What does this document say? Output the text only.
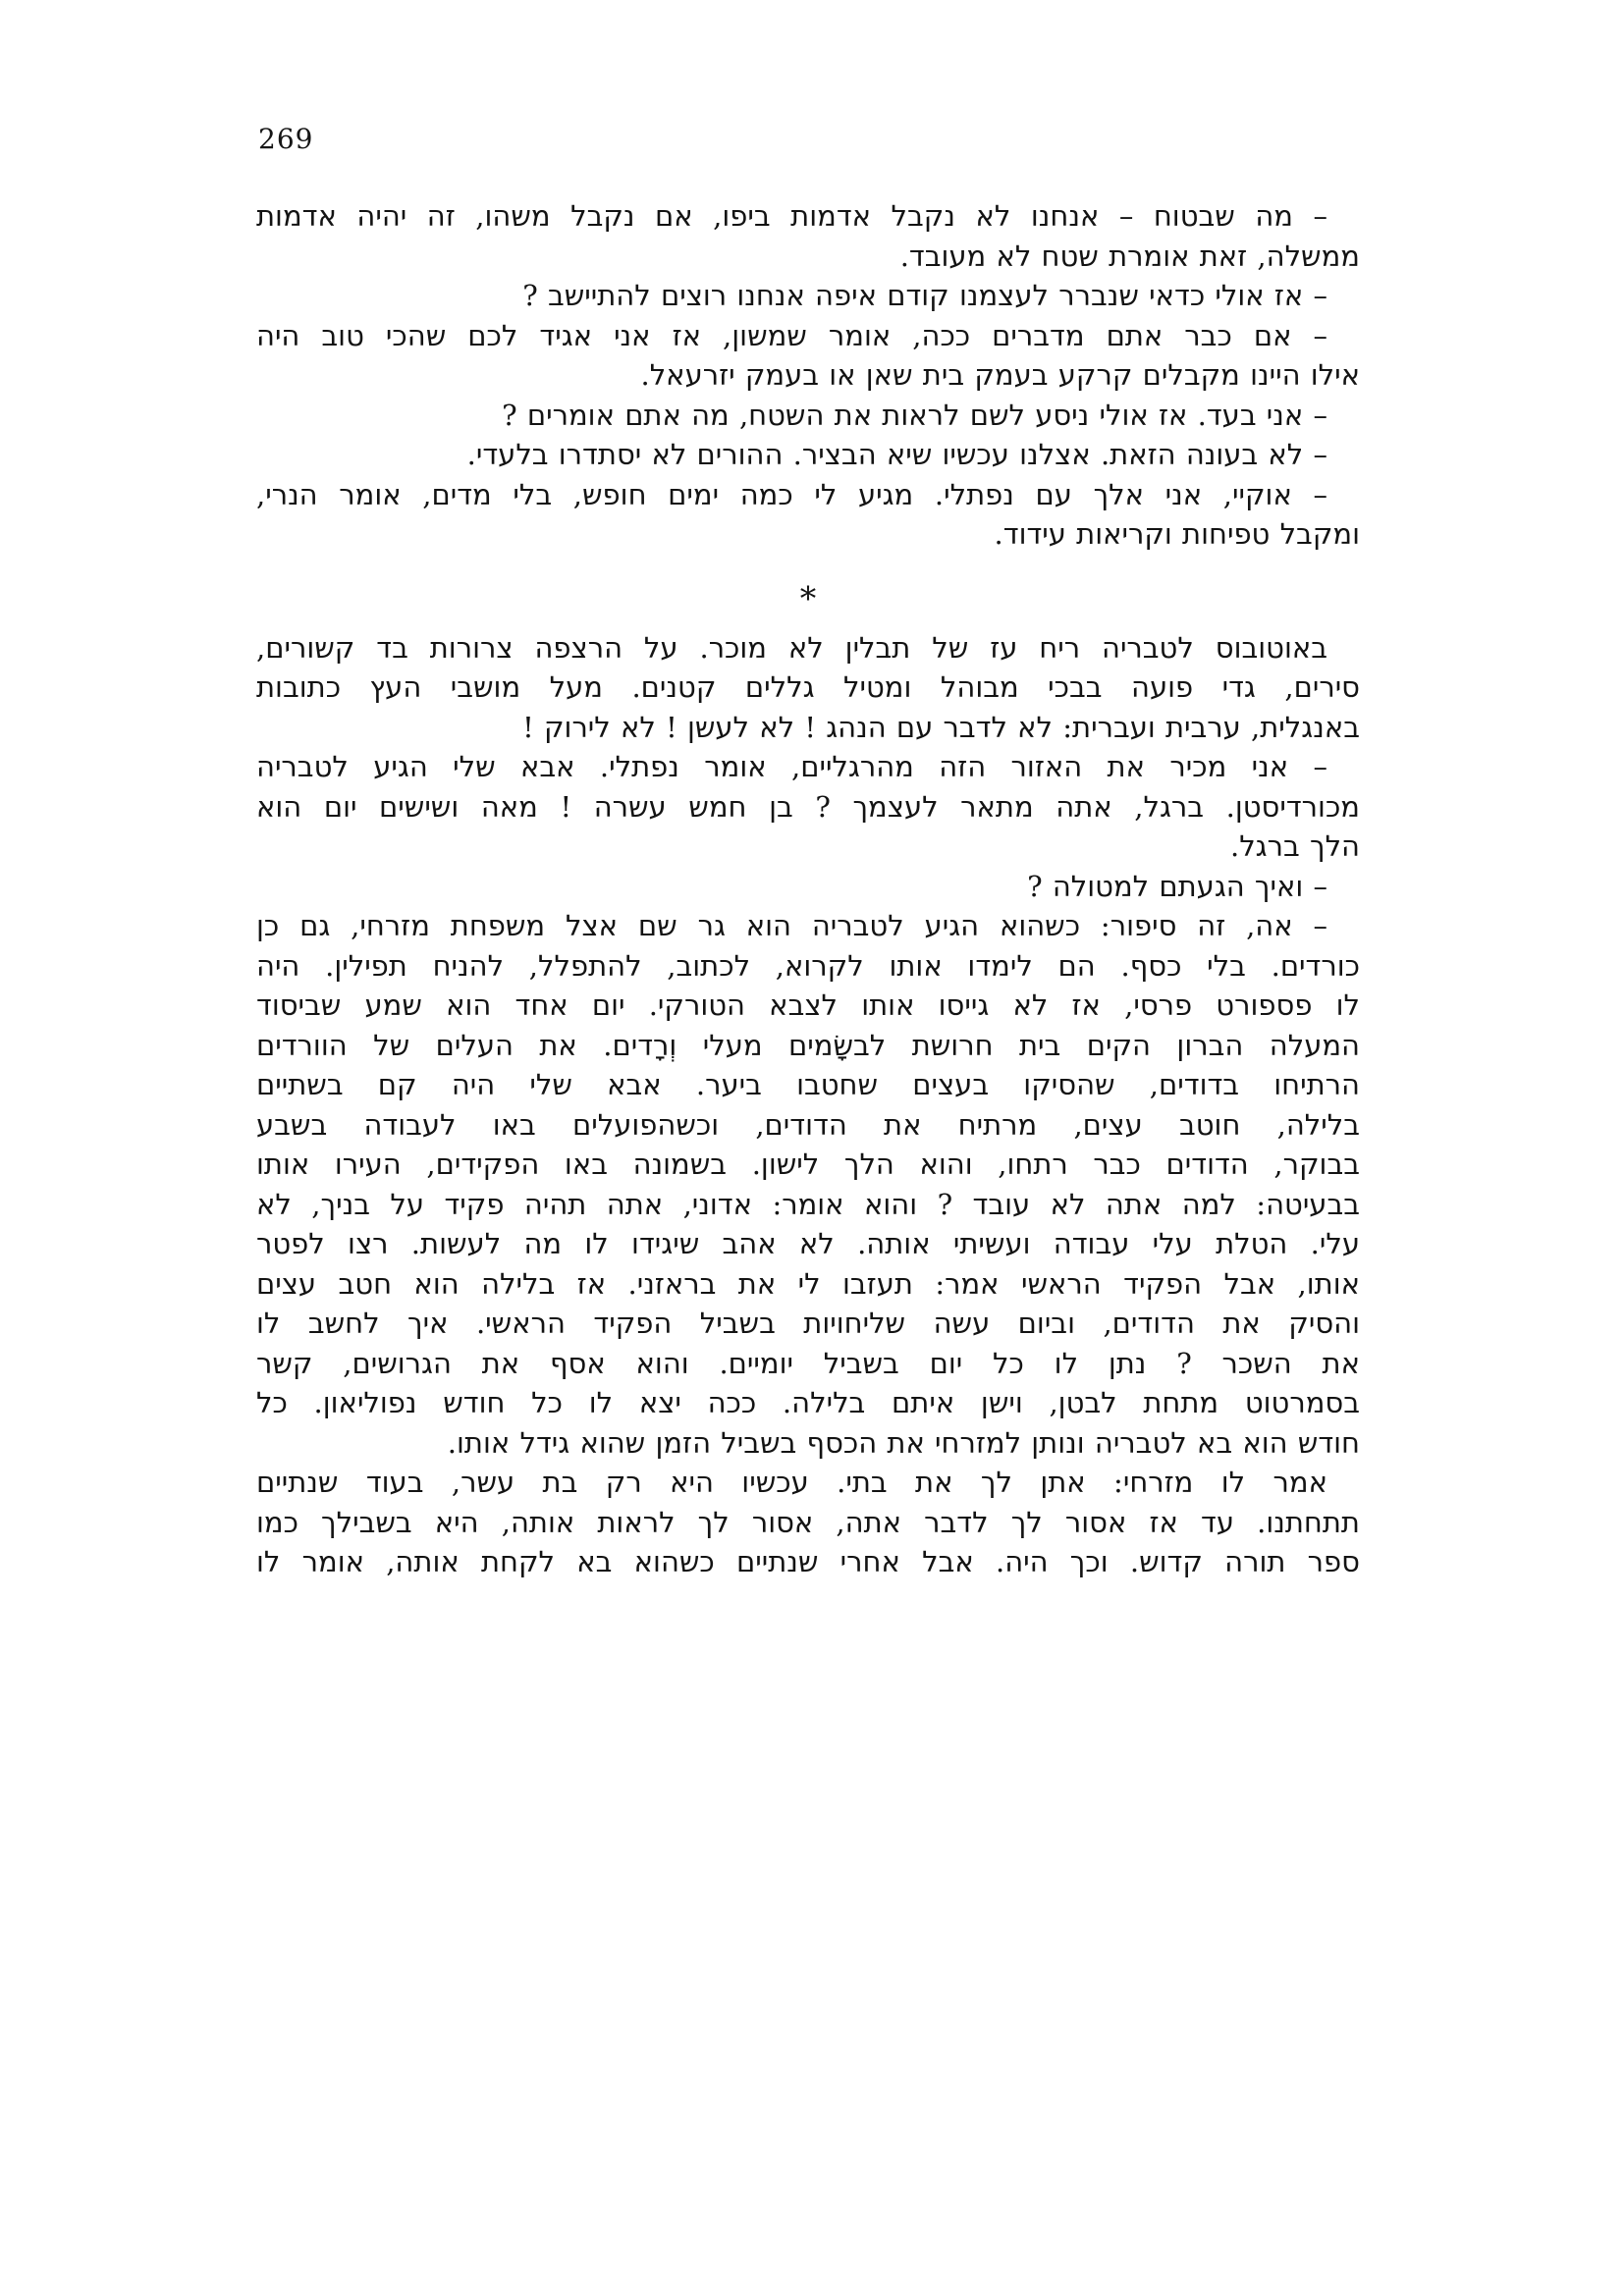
269
– מה שבטוח – אנחנו לא נקבל אדמות ביפו, אם נקבל משהו, זה יהיה אדמות
ממשלה, זאת אומרת שטח לא מעובד.
– אז אולי כדאי שנברר לעצמנו קודם איפה אנחנו רוצים להתיישב ?
– אם כבר אתם מדברים ככה, אומר שמשון, אז אני אגיד לכם שהכי טוב היה
אילו היינו מקבלים קרקע בעמק בית שאן או בעמק יזרעאל.
– אני בעד. אז אולי ניסע לשם לראות את השטח, מה אתם אומרים ?
– לא בעונה הזאת. אצלנו עכשיו שיא הבציר. ההורים לא יסתדרו בלעדי.
– אוקיי, אני אלך עם נפתלי. מגיע לי כמה ימים חופש, בלי מדים, אומר הנרי,
ומקבל טפיחות וקריאות עידוד.
*
באוטובוס לטבריה ריח עז של תבלין לא מוכר. על הרצפה צרורות בד קשורים,
סירים, גדי פועה בבכי מבוהל ומטיל גללים קטנים. מעל מושבי העץ כתובות
באנגלית, ערבית ועברית: לא לדבר עם הנהג ! לא לעשן ! לא לירוק !
– אני מכיר את האזור הזה מהרגליים, אומר נפתלי. אבא שלי הגיע לטבריה
מכורדיסטן. ברגל, אתה מתאר לעצמך ? בן חמש עשרה ! מאה ושישים יום הוא
הלך ברגל.
– ואיך הגעתם למטולה ?
– אה, זה סיפור: כשהוא הגיע לטבריה הוא גר שם אצל משפחת מזרחי, גם כן
כורדים. בלי כסף. הם לימדו אותו לקרוא, לכתוב, להתפלל, להניח תפילין. היה
לו פספורט פרסי, אז לא גייסו אותו לצבא הטורקי. יום אחד הוא שמע שביסוד
המעלה הברון הקים בית חרושת לבשָׂמים מעלי וְרָדים. את העלים של הוורדים
הרתיחו בדודים, שהסיקו בעצים שחטבו ביער. אבא שלי היה קם בשתיים
בלילה, חוטב עצים, מרתיח את הדודים, וכשהפועלים באו לעבודה בשבע
בבוקר, הדודים כבר רתחו, והוא הלך לישון. בשמונה באו הפקידים, העירו אותו
בבעיטה: למה אתה לא עובד ? והוא אומר: אדוני, אתה תהיה פקיד על בניך, לא
עלי. הטלת עלי עבודה ועשיתי אותה. לא אהב שיגידו לו מה לעשות. רצו לפטר
אותו, אבל הפקיד הראשי אמר: תעזבו לי את בראזני. אז בלילה הוא חטב עצים
והסיק את הדודים, וביום עשה שליחויות בשביל הפקיד הראשי. איך לחשב לו
את השכר ? נתן לו כל יום בשביל יומיים. והוא אסף את הגרושים, קשר
בסמרטוט מתחת לבטן, וישן איתם בלילה. ככה יצא לו כל חודש נפוליאון. כל
חודש הוא בא לטבריה ונותן למזרחי את הכסף בשביל הזמן שהוא גידל אותו.
אמר לו מזרחי: אתן לך את בתי. עכשיו היא רק בת עשר, בעוד שנתיים
תתחתנו. עד אז אסור לך לדבר אתה, אסור לך לראות אותה, היא בשבילך כמו
ספר תורה קדוש. וכך היה. אבל אחרי שנתיים כשהוא בא לקחת אותה, אומר לו
